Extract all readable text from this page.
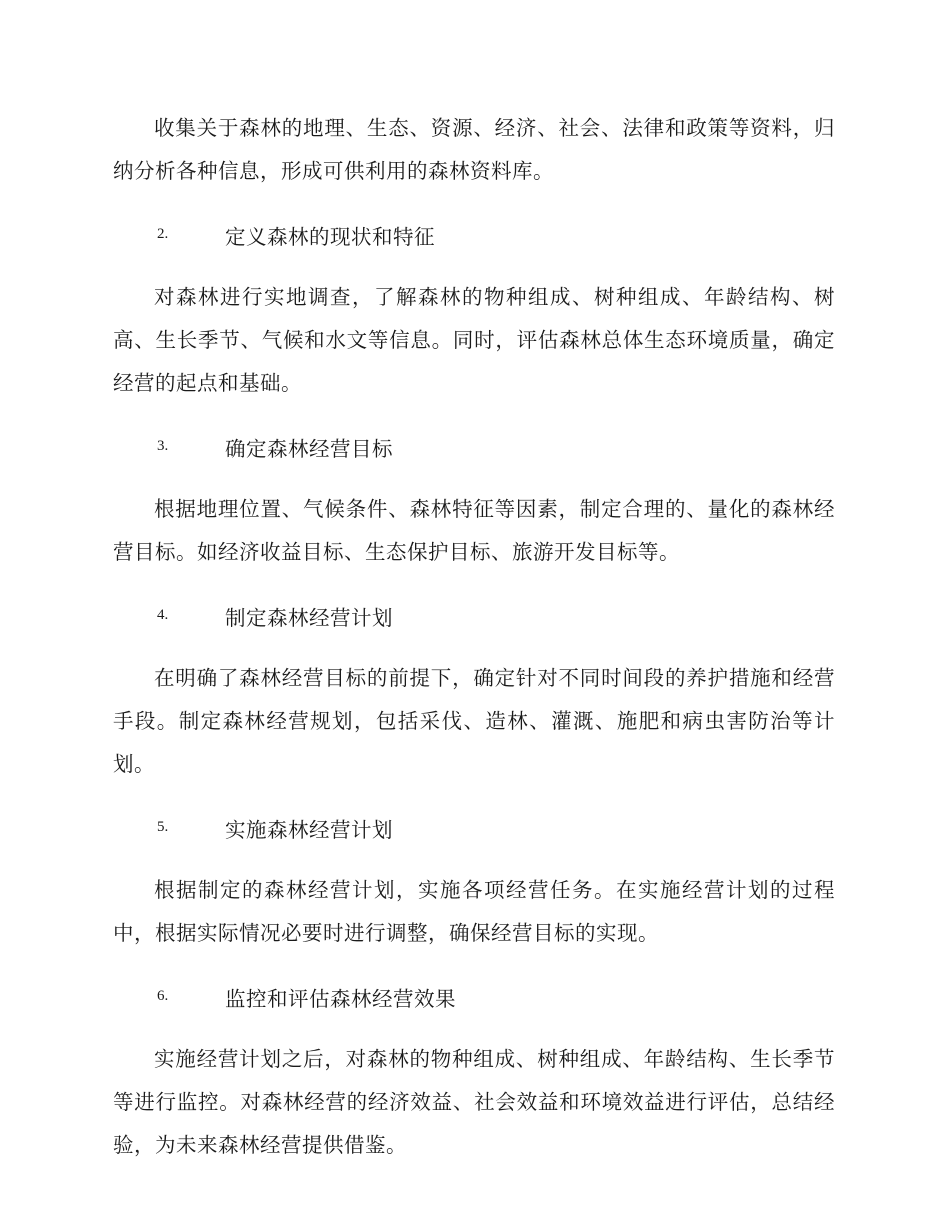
收集关于森林的地理、生态、资源、经济、社会、法律和政策等资料，归纳分析各种信息，形成可供利用的森林资料库。

2.	定义森林的现状和特征

对森林进行实地调查，了解森林的物种组成、树种组成、年龄结构、树高、生长季节、气候和水文等信息。同时，评估森林总体生态环境质量，确定经营的起点和基础。

3.	确定森林经营目标

根据地理位置、气候条件、森林特征等因素，制定合理的、量化的森林经营目标。如经济收益目标、生态保护目标、旅游开发目标等。

4.	制定森林经营计划

在明确了森林经营目标的前提下，确定针对不同时间段的养护措施和经营手段。制定森林经营规划，包括采伐、造林、灌溉、施肥和病虫害防治等计划。

5.	实施森林经营计划

根据制定的森林经营计划，实施各项经营任务。在实施经营计划的过程中，根据实际情况必要时进行调整，确保经营目标的实现。

6.	监控和评估森林经营效果

实施经营计划之后，对森林的物种组成、树种组成、年龄结构、生长季节等进行监控。对森林经营的经济效益、社会效益和环境效益进行评估，总结经验，为未来森林经营提供借鉴。
